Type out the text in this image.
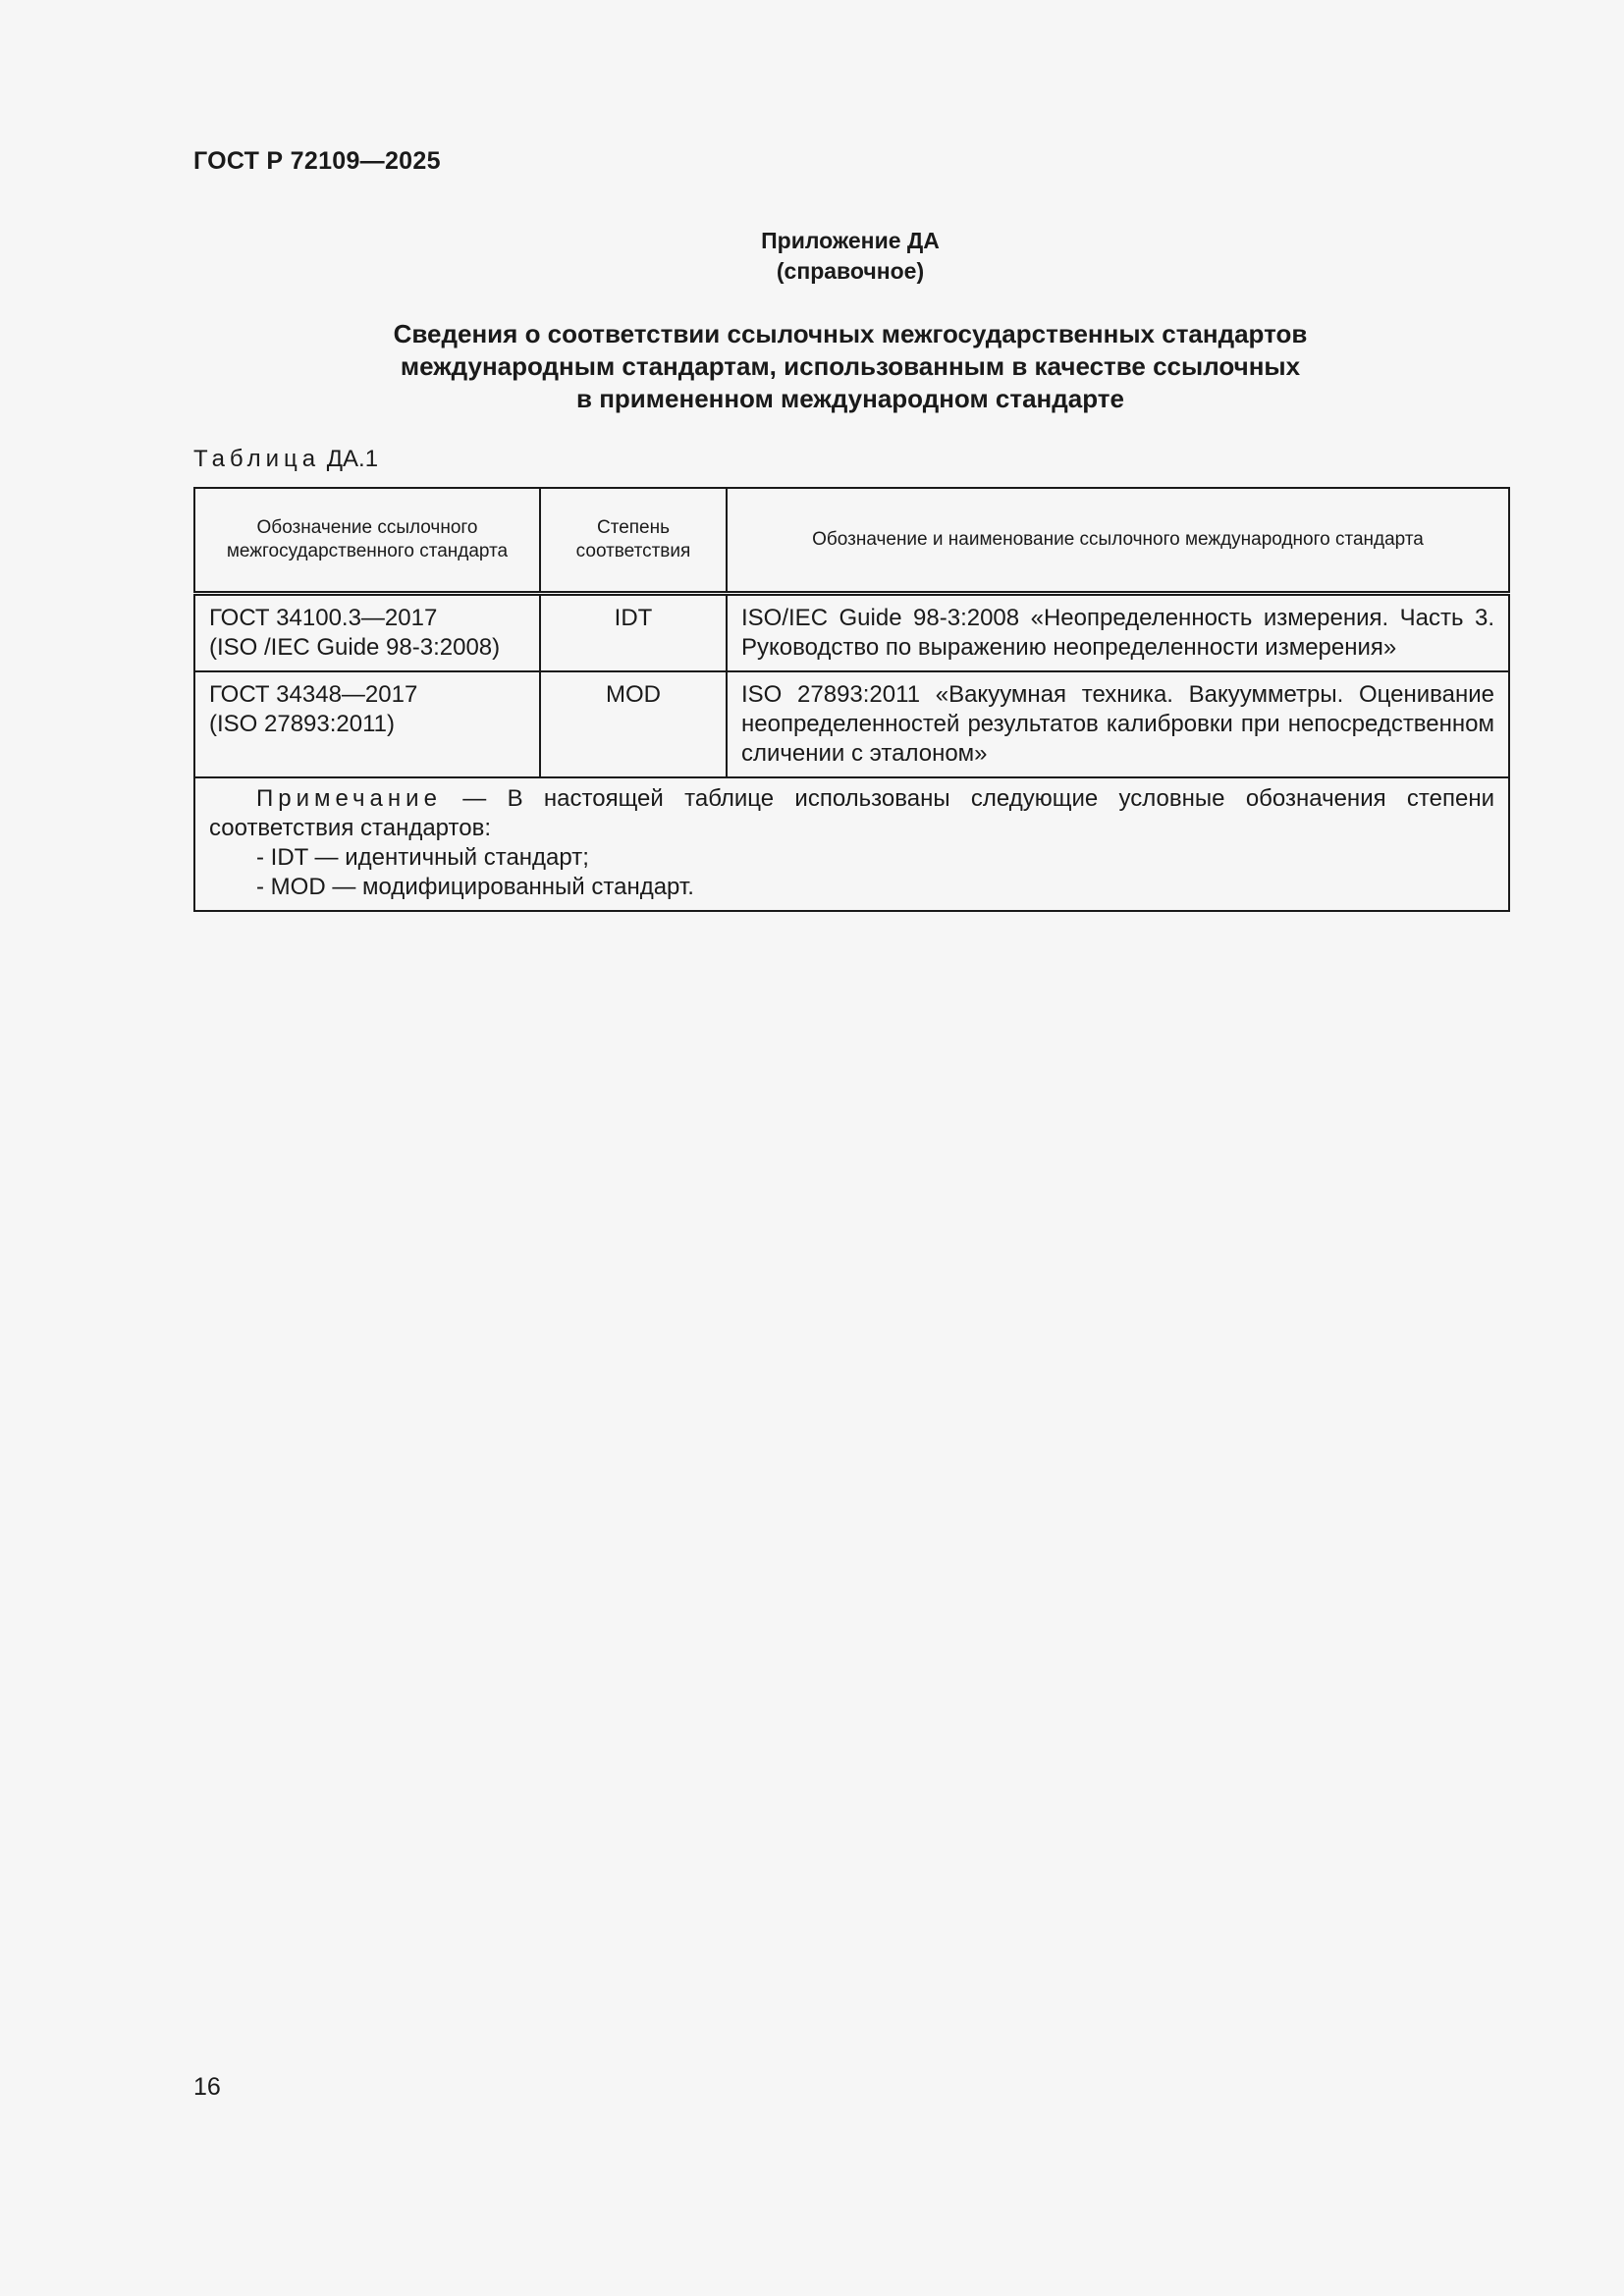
ГОСТ Р 72109—2025
Приложение ДА
(справочное)
Сведения о соответствии ссылочных межгосударственных стандартов
международным стандартам, использованным в качестве ссылочных
в примененном международном стандарте
Таблица ДА.1
Обозначение ссылочного межгосударственного стандарта	Степень соответствия	Обозначение и наименование ссылочного международного стандарта

ГОСТ 34100.3—2017
(ISO /IEC Guide 98-3:2008)	IDT	ISO/IEC Guide 98-3:2008 «Неопределенность измерения. Часть 3. Руководство по выражению неопределенности измерения»

ГОСТ 34348—2017
(ISO 27893:2011)	MOD	ISO 27893:2011 «Вакуумная техника. Вакуумметры. Оценивание неопределенностей результатов калибровки при непосредственном сличении с эталоном»

Примечание — В настоящей таблице использованы следующие условные обозначения степени соответствия стандартов:
- IDT — идентичный стандарт;
- MOD — модифицированный стандарт.		
16
